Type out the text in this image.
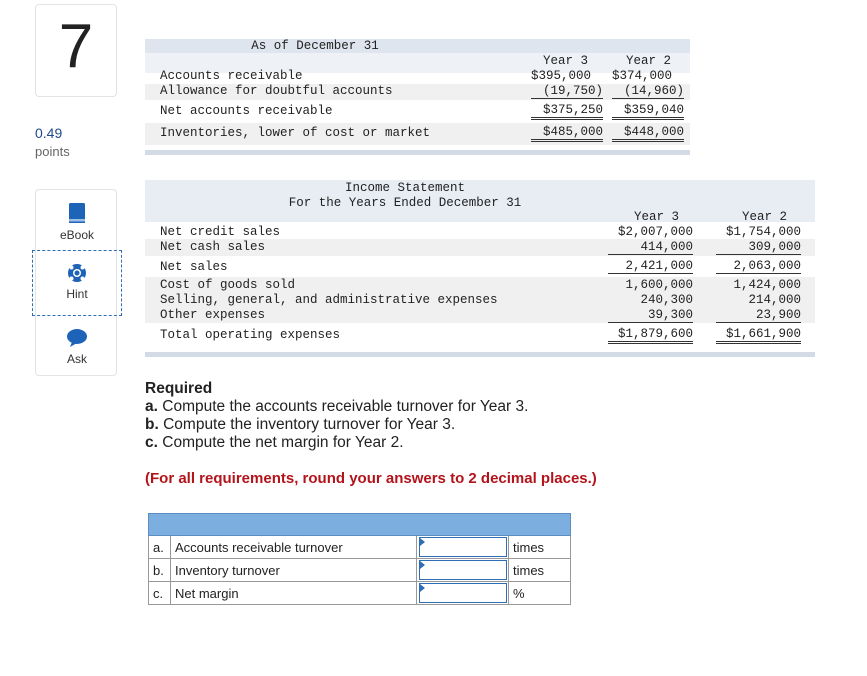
7
0.49
points
eBook
Hint
Ask
As of December 31
Year 3	Year 2
Accounts receivable	$395,000 $374,000
Allowance for doubtful accounts	(19,750)	(14,960)
Net accounts receivable	$375,250	$359,040
Inventories, lower of cost or market	$485,000	$448,000
Income Statement
For the Years Ended December 31
Year 3	Year 2
Net credit sales	$2,007,000	$1,754,000
Net cash sales	414,000	309,000
Net sales	2,421,000	2,063,000
Cost of goods sold	1,600,000	1,424,000
Selling, general, and administrative expenses	240,300	214,000
Other expenses	39,300	23,900
Total operating expenses	$1,879,600	$1,661,900
Required
a. Compute the accounts receivable turnover for Year 3.
b. Compute the inventory turnover for Year 3.
c. Compute the net margin for Year 2.
(For all requirements, round your answers to 2 decimal places.)

a.	Accounts receivable turnover		times
b.	Inventory turnover		times
c.	Net margin		%
